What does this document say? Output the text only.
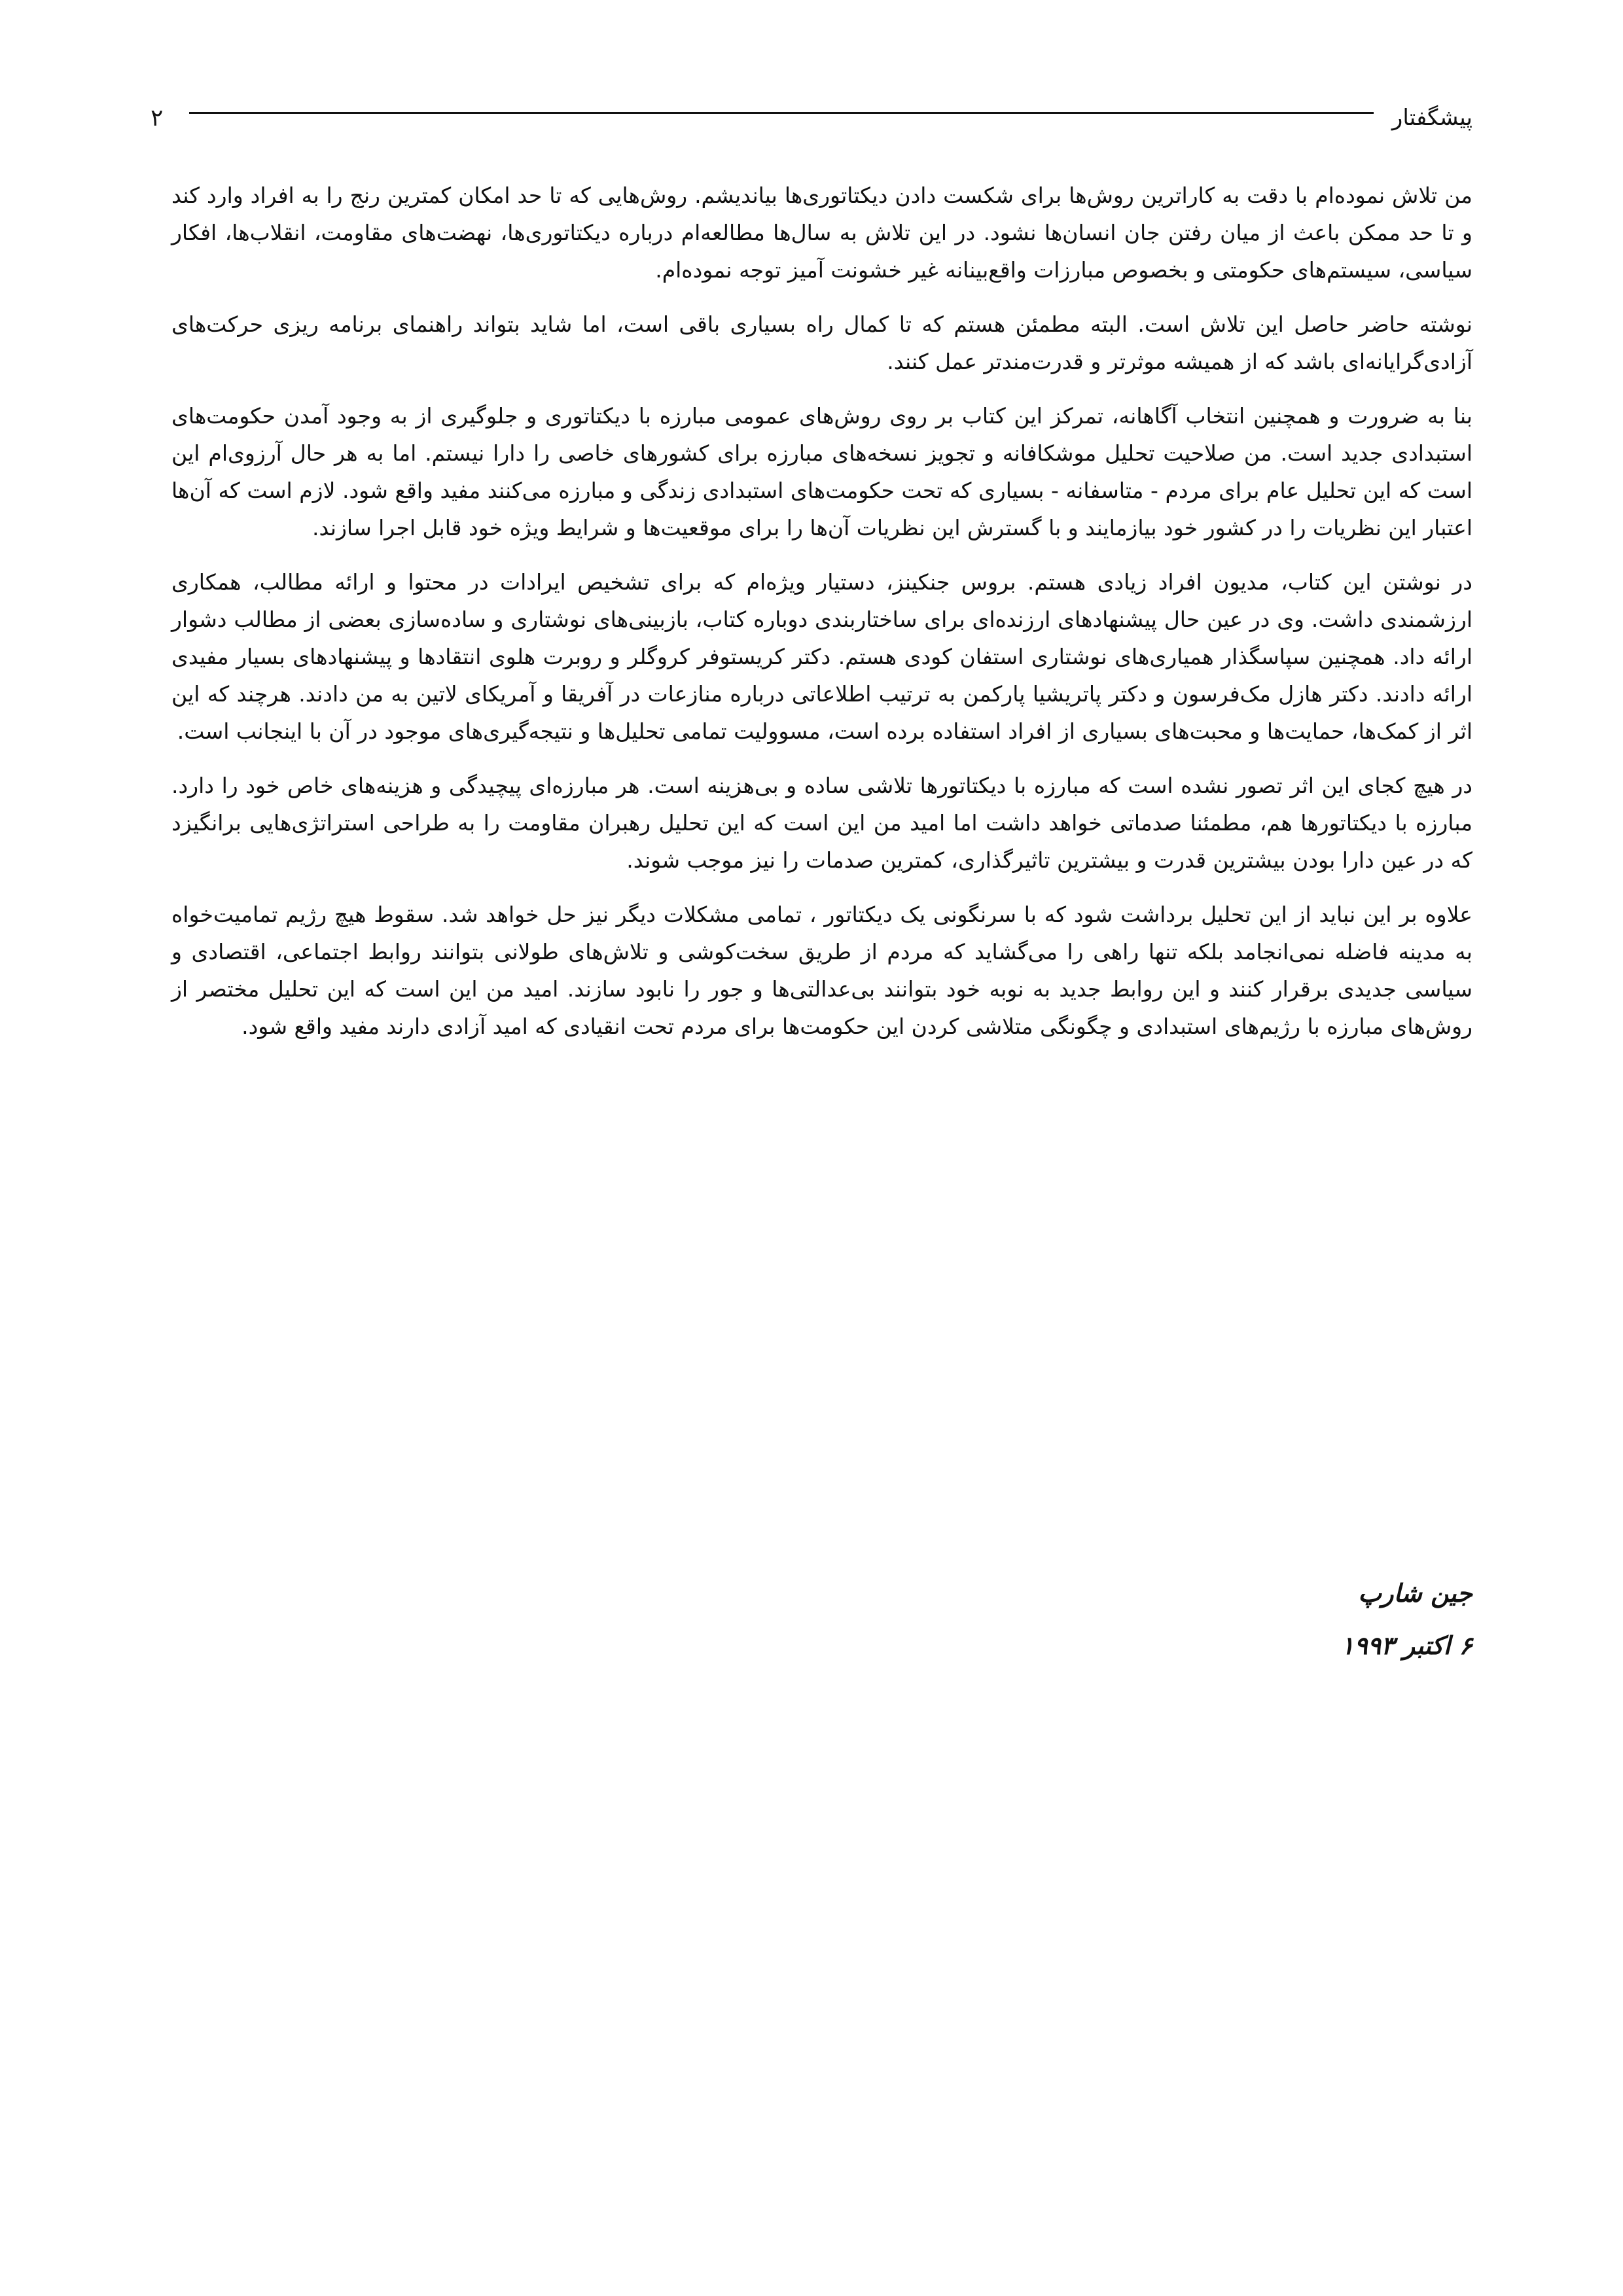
پیشگفتار
۲

من تلاش نموده‌ام با دقت به کاراترین روش‌ها برای شکست دادن دیکتاتوری‌ها بیاندیشم. روش‌هایی که تا حد امکان کمترین رنج را به افراد وارد کند و تا حد ممکن باعث از میان رفتن جان انسان‌ها نشود. در این تلاش به سال‌ها مطالعه‌ام درباره دیکتاتوری‌ها، نهضت‌های مقاومت، انقلاب‌ها، افکار سیاسی، سیستم‌های حکومتی و بخصوص مبارزات واقع‌بینانه غیر خشونت آمیز توجه نموده‌ام.

نوشته حاضر حاصل این تلاش است. البته مطمئن هستم که تا کمال راه بسیاری باقی است، اما شاید بتواند راهنمای برنامه ریزی حرکت‌های آزادی‌گرایانه‌ای باشد که از همیشه موثرتر و قدرت‌مندتر عمل کنند.

بنا به ضرورت و همچنین انتخاب آگاهانه، تمرکز این کتاب بر روی روش‌های عمومی مبارزه با دیکتاتوری و جلوگیری از به وجود آمدن حکومت‌های استبدادی جدید است. من صلاحیت تحلیل موشکافانه و تجویز نسخه‌های مبارزه برای کشورهای خاصی را دارا نیستم. اما به هر حال آرزوی‌ام این است که این تحلیل عام برای مردم - متاسفانه - بسیاری که تحت حکومت‌های استبدادی زندگی و مبارزه می‌کنند مفید واقع شود. لازم است که آن‌ها اعتبار این نظریات را در کشور خود بیازمایند و با گسترش این نظریات آن‌ها را برای موقعیت‌ها و شرایط ویژه خود قابل اجرا سازند.

در نوشتن این کتاب، مدیون افراد زیادی هستم. بروس جنکینز، دستیار ویژه‌ام که برای تشخیص ایرادات در محتوا و ارائه مطالب، همکاری ارزشمندی داشت. وی در عین حال پیشنهادهای ارزنده‌ای برای ساختاربندی دوباره کتاب، بازبینی‌های نوشتاری و ساده‌سازی بعضی از مطالب دشوار ارائه داد. همچنین سپاسگذار همیاری‌های نوشتاری استفان کودی هستم. دکتر کریستوفر کروگلر و روبرت هلوی انتقادها و پیشنهادهای بسیار مفیدی ارائه دادند. دکتر هازل مک‌فرسون و دکتر پاتریشیا پارکمن به ترتیب اطلاعاتی درباره منازعات در آفریقا و آمریکای لاتین به من دادند. هرچند که این اثر از کمک‌ها، حمایت‌ها و محبت‌های بسیاری از افراد استفاده برده است، مسوولیت تمامی تحلیل‌ها و نتیجه‌گیری‌های موجود در آن با اینجانب است.

در هیچ کجای این اثر تصور نشده است که مبارزه با دیکتاتورها تلاشی ساده و بی‌هزینه است. هر مبارزه‌ای پیچیدگی و هزینه‌های خاص خود را دارد. مبارزه با دیکتاتورها هم، مطمئنا صدماتی خواهد داشت اما امید من این است که این تحلیل رهبران مقاومت را به طراحی استراتژی‌هایی برانگیزد که در عین دارا بودن بیشترین قدرت و بیشترین تاثیرگذاری، کمترین صدمات را نیز موجب شوند.

علاوه بر این نباید از این تحلیل برداشت شود که با سرنگونی یک دیکتاتور ، تمامی مشکلات دیگر نیز حل خواهد شد. سقوط هیچ رژیم تمامیت‌خواه به مدینه فاضله نمی‌انجامد بلکه تنها راهی را می‌گشاید که مردم از طریق سخت‌کوشی و تلاش‌های طولانی بتوانند روابط اجتماعی، اقتصادی و سیاسی جدیدی برقرار کنند و این روابط جدید به نوبه خود بتوانند بی‌عدالتی‌ها و جور را نابود سازند. امید من این است که این تحلیل مختصر از روش‌های مبارزه با رژیم‌های استبدادی و چگونگی متلاشی کردن این حکومت‌ها برای مردم تحت انقیادی که امید آزادی دارند مفید واقع شود.

جین شارپ
۶ اکتبر ۱۹۹۳
